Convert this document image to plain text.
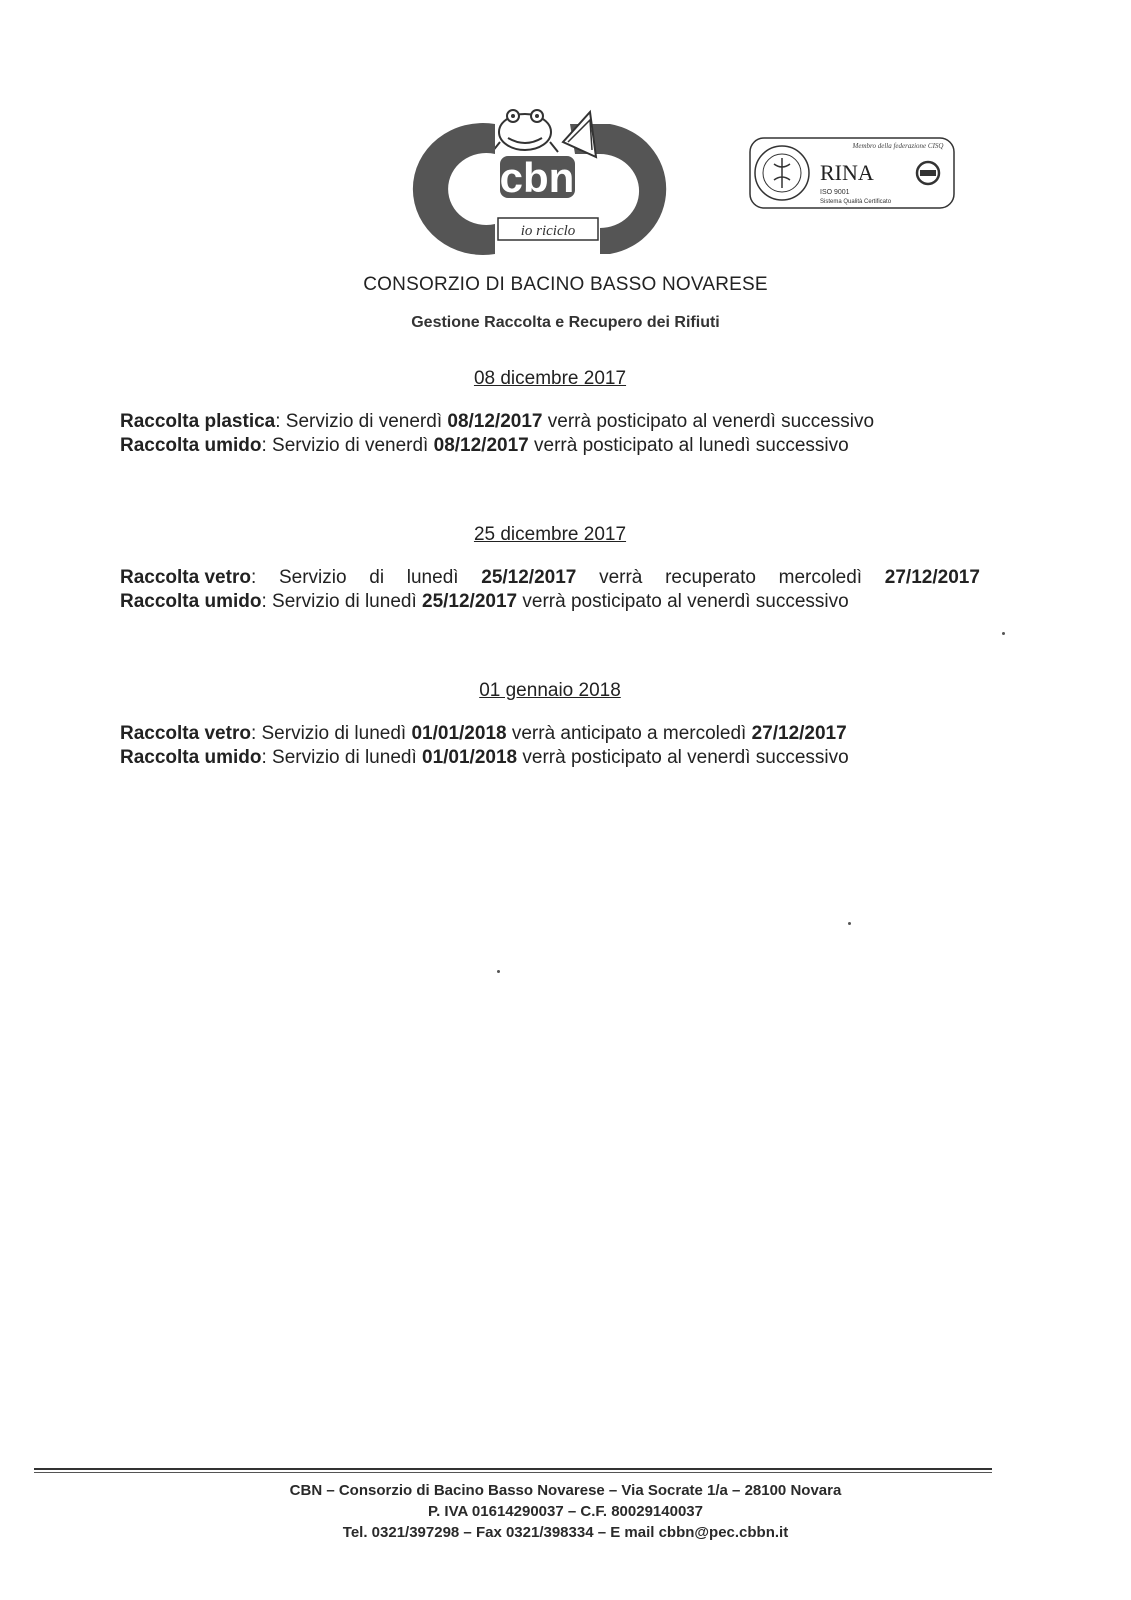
cbn
io riciclo
Membro della federazione CISQ
RINA
ISO 9001
Sistema Qualità Certificato
CONSORZIO DI BACINO BASSO NOVARESE
Gestione Raccolta e Recupero dei Rifiuti
08 dicembre 2017
Raccolta plastica: Servizio di venerdì 08/12/2017 verrà posticipato al venerdì successivo
Raccolta umido: Servizio di venerdì 08/12/2017 verrà posticipato al lunedì successivo
25 dicembre 2017
Raccolta vetro: Servizio di lunedì 25/12/2017 verrà recuperato mercoledì 27/12/2017
Raccolta umido: Servizio di lunedì 25/12/2017 verrà posticipato al venerdì successivo
01 gennaio 2018
Raccolta vetro: Servizio di lunedì 01/01/2018 verrà anticipato a mercoledì 27/12/2017
Raccolta umido: Servizio di lunedì 01/01/2018 verrà posticipato al venerdì successivo
CBN – Consorzio di Bacino Basso Novarese – Via Socrate 1/a – 28100 Novara
P. IVA 01614290037 – C.F. 80029140037
Tel. 0321/397298 – Fax 0321/398334 – E mail cbbn@pec.cbbn.it
